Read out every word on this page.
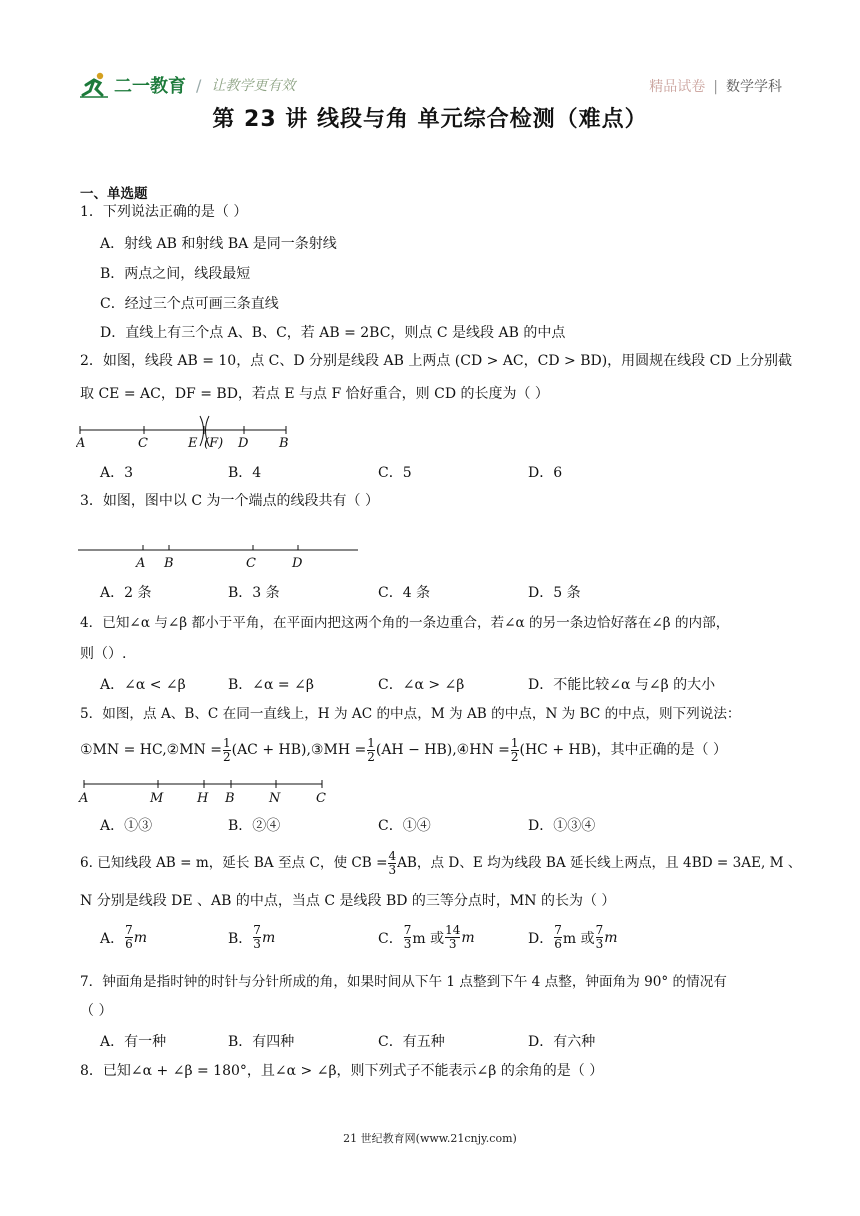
二一教育 / 让教学更有效	精品试卷 | 数学学科
第 23 讲 线段与角 单元综合检测（难点）
一、单选题
1．下列说法正确的是（ ）
A．射线 AB 和射线 BA 是同一条射线
B．两点之间，线段最短
C．经过三个点可画三条直线
D．直线上有三个点 A、B、C，若 AB = 2BC，则点 C 是线段 AB 的中点
2．如图，线段 AB = 10，点 C、D 分别是线段 AB 上两点 (CD > AC，CD > BD)，用圆规在线段 CD 上分别截
取 CE = AC，DF = BD，若点 E 与点 F 恰好重合，则 CD 的长度为（ ）
A	C	E (F) D B
A．3	B．4	C．5	D．6
3．如图，图中以 C 为一个端点的线段共有（ ）
A B	C	D
A．2 条	B．3 条	C．4 条	D．5 条
4．已知∠α 与∠β 都小于平角，在平面内把这两个角的一条边重合，若∠α 的另一条边恰好落在∠β 的内部，
则（）.
A．∠α < ∠β	B．∠α = ∠β	C．∠α > ∠β	D．不能比较∠α 与∠β 的大小
5．如图，点 A、B、C 在同一直线上，H 为 AC 的中点，M 为 AB 的中点，N 为 BC 的中点，则下列说法：
①MN = HC,②MN = $\frac{1}{2} (AC$ + HB),③MH = $\frac{1}{2} (AH$ − HB),④HN = $\frac{1}{2} (HC + HB)$，其中正确的是（ ）
A	M	H B	N	C
A．①③	B．②④	C．①④	D．①③④
6. 已知线段 AB = m，延长 BA 至点 C，使 CB = $\frac{4}{3}$ AB，点 D、E 均为线段 BA 延长线上两点，且 4BD = 3AE, M 、
N 分别是线段 DE 、AB 的中点，当点 C 是线段 BD 的三等分点时，MN 的长为（ ）
A． $\frac{7}{6}$ m	B． $\frac{7}{3}$ m	C． $\frac{7}{3}$ m 或 $\frac{14}{3}$ m	D． $\frac{7}{6}$ m 或 $\frac{7}{3}$ m
7．钟面角是指时钟的时针与分针所成的角，如果时间从下午 1 点整到下午 4 点整，钟面角为 90° 的情况有
（ ）
A．有一种	B．有四种	C．有五种	D．有六种
8．已知∠α + ∠β = 180°，且∠α > ∠β，则下列式子不能表示∠β 的余角的是（ ）
21 世纪教育网(www.21cnjy.com)
